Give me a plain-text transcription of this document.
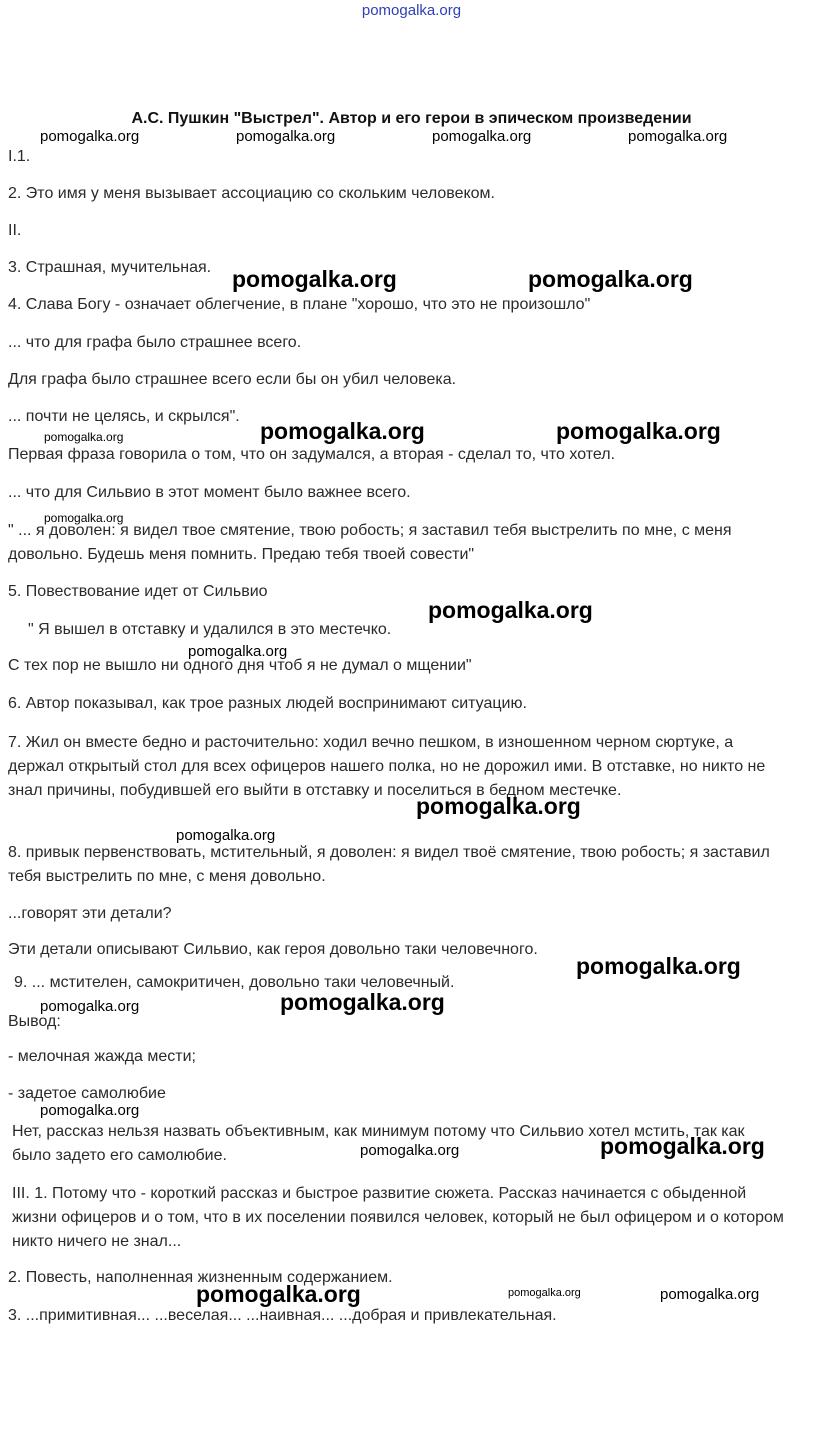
pomogalka.org
А.С. Пушкин "Выстрел". Автор и его герои в эпическом произведении
pomogalka.org	pomogalka.org	pomogalka.org	pomogalka.org
I.1.
2. Это имя у меня вызывает ассоциацию со скольким человеком.
II.
3. Страшная, мучительная. pomogalka.org	pomogalka.org
4. Слава Богу - означает облегчение, в плане "хорошо, что это не произошло"
... что для графа было страшнее всего.
Для графа было страшнее всего если бы он убил человека.
... почти не целясь, и скрылся".
pomogalka.org	pomogalka.org	pomogalka.org
Первая фраза говорила о том, что он задумался, а вторая - сделал то, что хотел.
... что для Сильвио в этот момент было важнее всего.
pomogalka.org
" ... я доволен: я видел твое смятение, твою робость; я заставил тебя выстрелить по мне, с меня довольно. Будешь меня помнить. Предаю тебя твоей совести"
5. Повествование идет от Сильвио
pomogalka.org
" Я вышел в отставку и удалился в это местечко.
pomogalka.org
С тех пор не вышло ни одного дня чтоб я не думал о мщении"
6. Автор показывал, как трое разных людей воспринимают ситуацию.
7. Жил он вместе бедно и расточительно: ходил вечно пешком, в изношенном черном сюртуке, а держал открытый стол для всех офицеров нашего полка, но не дорожил ими. В отставке, но никто не знал причины, побудившей его выйти в отставку и поселиться в бедном местечке.
pomogalka.org
pomogalka.org
8. привык первенствовать, мстительный, я доволен: я видел твоё смятение, твою робость; я заставил тебя выстрелить по мне, с меня довольно.
...говорят эти детали?
Эти детали описывают Сильвио, как героя довольно таки человечного.
pomogalka.org
9. ... мстителен, самокритичен, довольно таки человечный.
pomogalka.org	pomogalka.org
Вывод:
- мелочная жажда мести;
- задетое самолюбие
pomogalka.org
Нет, рассказ нельзя назвать объективным, как минимум потому что Сильвио хотел мстить, так как было задето его самолюбие.	pomogalka.org	pomogalka.org
III. 1. Потому что - короткий рассказ и быстрое развитие сюжета. Рассказ начинается с обыденной жизни офицеров и о том, что в их поселении появился человек, который не был офицером и о котором никто ничего не знал...
2. Повесть, наполненная жизненным содержанием.
pomogalka.org	pomogalka.org	pomogalka.org
3. ...примитивная... ...веселая... ...наивная... ...добрая и привлекательная.
